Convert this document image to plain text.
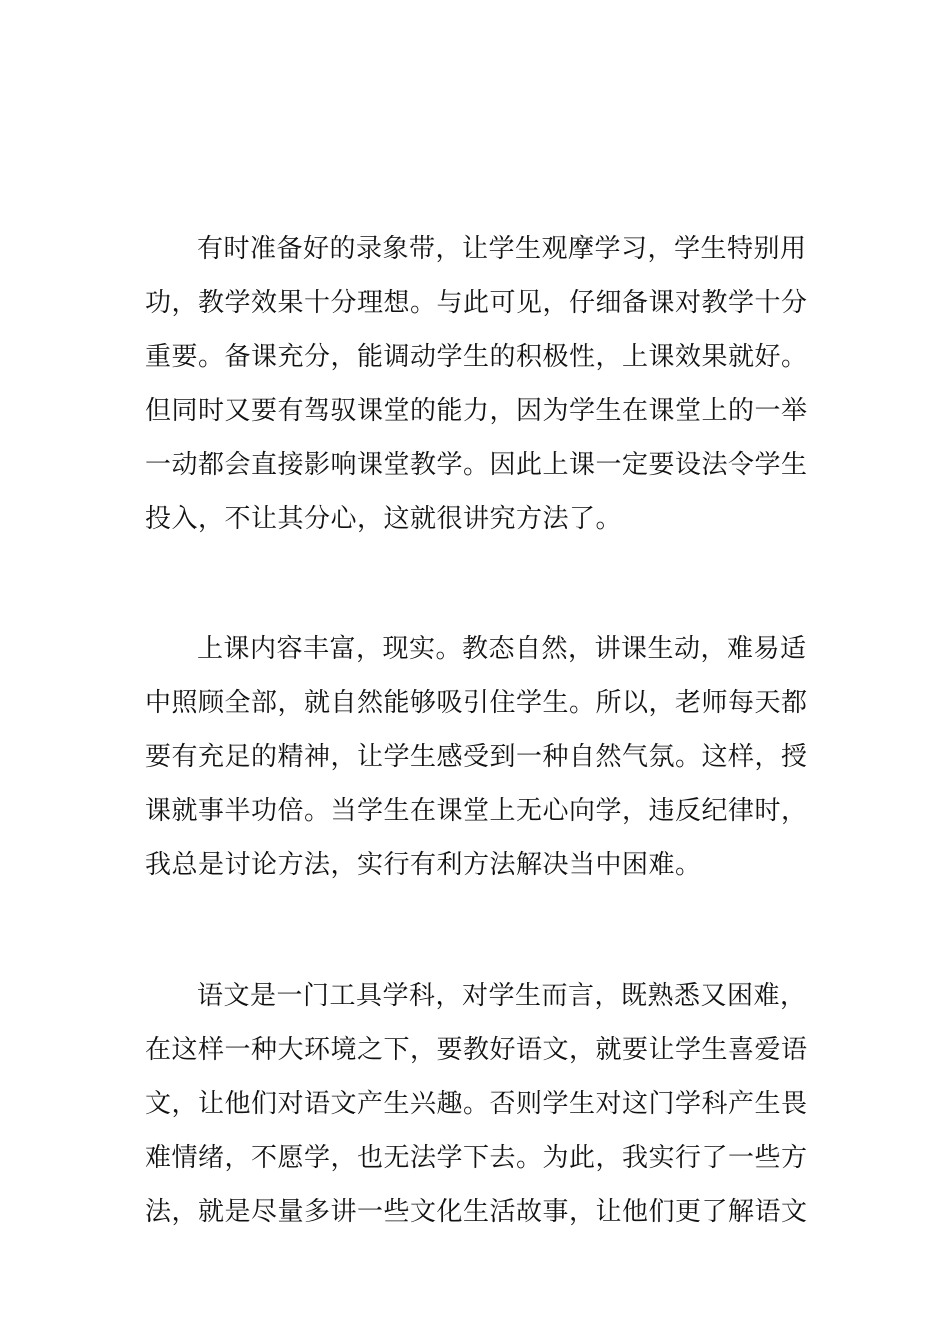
有时准备好的录象带，让学生观摩学习，学生特别用
功，教学效果十分理想。与此可见，仔细备课对教学十分
重要。备课充分，能调动学生的积极性，上课效果就好。
但同时又要有驾驭课堂的能力，因为学生在课堂上的一举
一动都会直接影响课堂教学。因此上课一定要设法令学生
投入，不让其分心，这就很讲究方法了。

上课内容丰富，现实。教态自然，讲课生动，难易适
中照顾全部，就自然能够吸引住学生。所以，老师每天都
要有充足的精神，让学生感受到一种自然气氛。这样，授
课就事半功倍。当学生在课堂上无心向学，违反纪律时，
我总是讨论方法，实行有利方法解决当中困难。

语文是一门工具学科，对学生而言，既熟悉又困难，
在这样一种大环境之下，要教好语文，就要让学生喜爱语
文，让他们对语文产生兴趣。否则学生对这门学科产生畏
难情绪，不愿学，也无法学下去。为此，我实行了一些方
法，就是尽量多讲一些文化生活故事，让他们更了解语文
